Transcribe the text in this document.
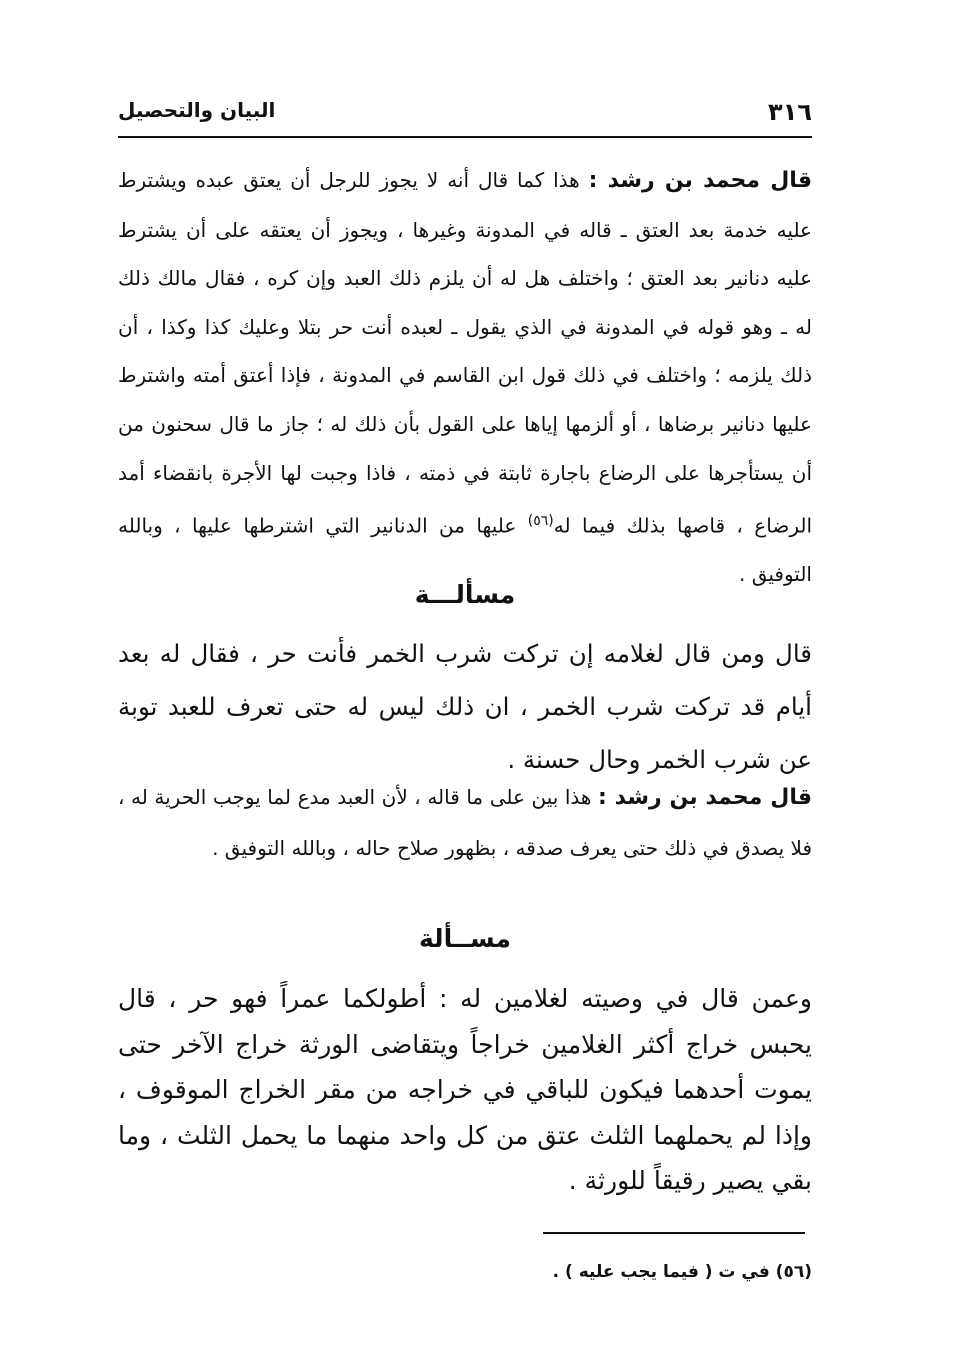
٣١٦
البيان والتحصيل

قال محمد بن رشد : هذا كما قال أنه لا يجوز للرجل أن يعتق عبده ويشترط عليه خدمة بعد العتق ـ قاله في المدونة وغيرها ، ويجوز أن يعتقه على أن يشترط عليه دنانير بعد العتق ؛ واختلف هل له أن يلزم ذلك العبد وإن كره ، فقال مالك ذلك له ـ وهو قوله في المدونة في الذي يقول ـ لعبده أنت حر بتلا وعليك كذا وكذا ، أن ذلك يلزمه ؛ واختلف في ذلك قول ابن القاسم في المدونة ، فإذا أعتق أمته واشترط عليها دنانير برضاها ، أو ألزمها إياها على القول بأن ذلك له ؛ جاز ما قال سحنون من أن يستأجرها على الرضاع باجارة ثابتة في ذمته ، فاذا وجبت لها الأجرة بانقضاء أمد الرضاع ، قاصها بذلك فيما له$^{(٥٦)}$ عليها من الدنانير التي اشترطها عليها ، وبالله التوفيق .

مسألـــة

قال ومن قال لغلامه إن تركت شرب الخمر فأنت حر ، فقال له بعد أيام قد تركت شرب الخمر ، ان ذلك ليس له حتى تعرف للعبد توبة عن شرب الخمر وحال حسنة .

قال محمد بن رشد : هذا بين على ما قاله ، لأن العبد مدع لما يوجب الحرية له ، فلا يصدق في ذلك حتى يعرف صدقه ، بظهور صلاح حاله ، وبالله التوفيق .

مســألة

وعمن قال في وصيته لغلامين له : أطولكما عمراً فهو حر ، قال يحبس خراج أكثر الغلامين خراجاً ويتقاضى الورثة خراج الآخر حتى يموت أحدهما فيكون للباقي في خراجه من مقر الخراج الموقوف ، وإذا لم يحملهما الثلث عتق من كل واحد منهما ما يحمل الثلث ، وما بقي يصير رقيقاً للورثة .

(٥٦) في ت ( فيما يجب عليه ) .
